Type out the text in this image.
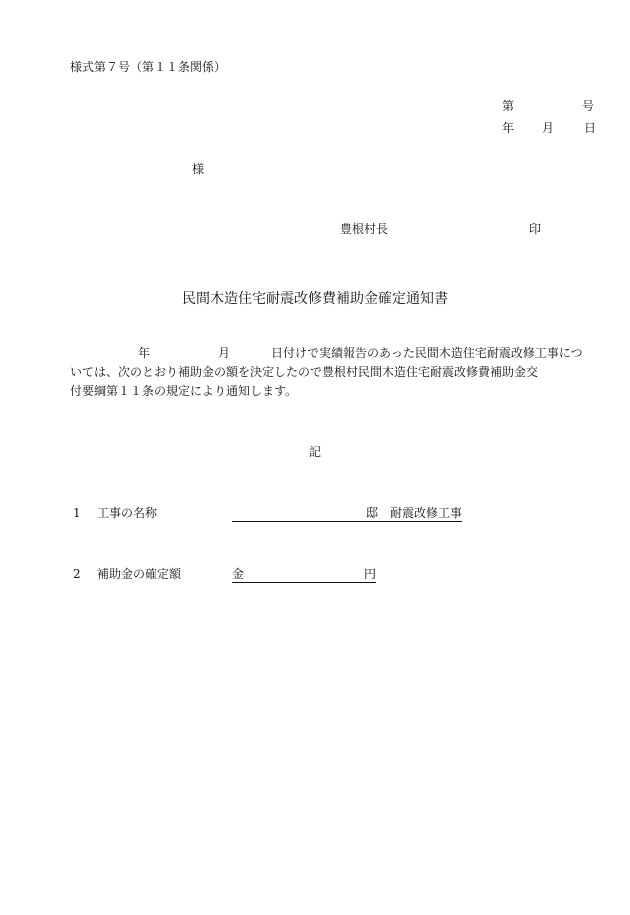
様式第７号（第１１条関係）
第	号
年 月 日
様
豊根村長	印
民間木造住宅耐震改修費補助金確定通知書
年	月	日付けで実績報告のあった民間木造住宅耐震改修工事につ
いては、次のとおり補助金の額を決定したので豊根村民間木造住宅耐震改修費補助金交
付要綱第１１条の規定により通知します。
記
1 工事の名称	邸　耐震改修工事
2 補助金の確定額	金	円
